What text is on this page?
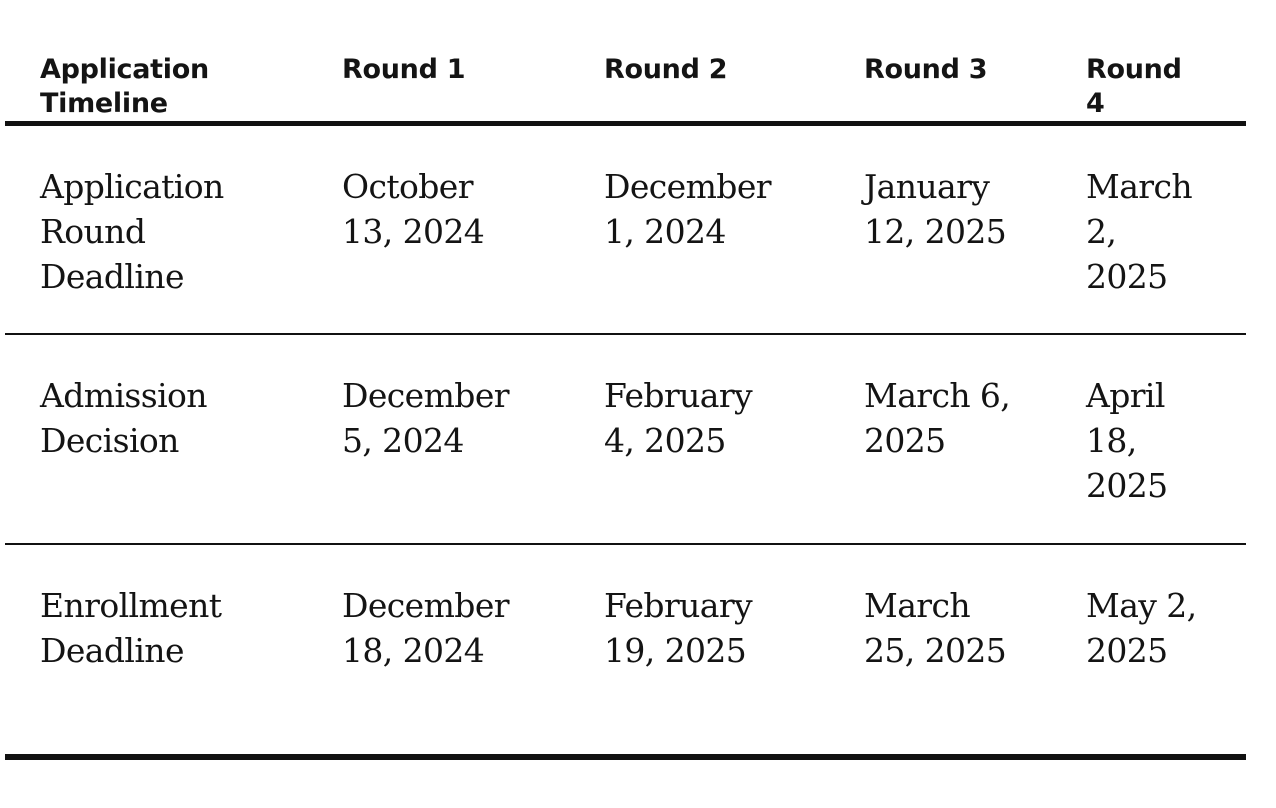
Application Timeline	Round 1	Round 2	Round 3	Round 4
Application Round Deadline	October 13, 2024	December 1, 2024	January 12, 2025	March 2, 2025
Admission Decision	December 5, 2024	February 4, 2025	March 6, 2025	April 18, 2025
Enrollment Deadline	December 18, 2024	February 19, 2025	March 25, 2025	May 2, 2025
